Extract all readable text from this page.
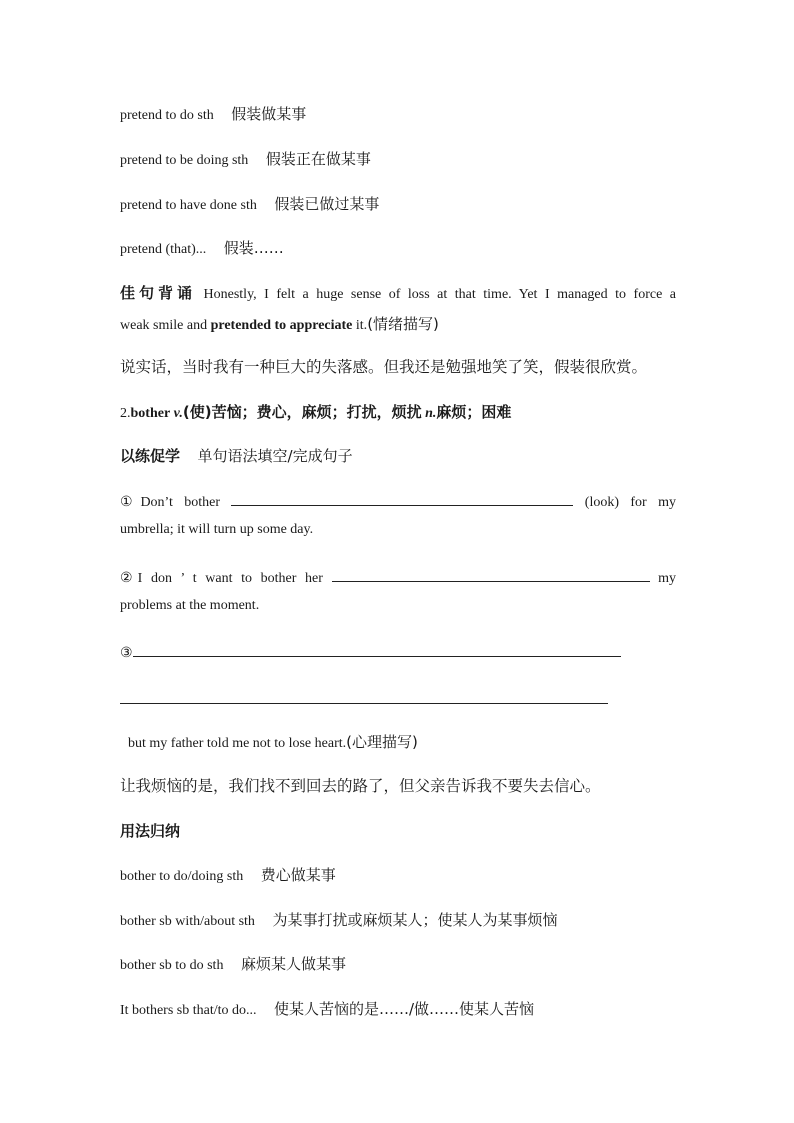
pretend to do sth 假装做某事
pretend to be doing sth 假装正在做某事
pretend to have done sth 假装已做过某事
pretend (that)... 假装……
佳句背诵 Honestly, I felt a huge sense of loss at that time. Yet I managed to force a
weak smile and pretended to appreciate it.(情绪描写)
说实话，当时我有一种巨大的失落感。但我还是勉强地笑了笑，假装很欣赏。
2.bother v.(使)苦恼；费心，麻烦；打扰，烦扰 n.麻烦；困难
以练促学 单句语法填空/完成句子
①Don’t bother	(look) for my
umbrella; it will turn up some day.
②I don ’ t want to bother her	my
problems at the moment.
③
but my father told me not to lose heart.(心理描写)
让我烦恼的是，我们找不到回去的路了，但父亲告诉我不要失去信心。
用法归纳
bother to do/doing sth 费心做某事
bother sb with/about sth 为某事打扰或麻烦某人；使某人为某事烦恼
bother sb to do sth 麻烦某人做某事
It bothers sb that/to do... 使某人苦恼的是……/做……使某人苦恼
